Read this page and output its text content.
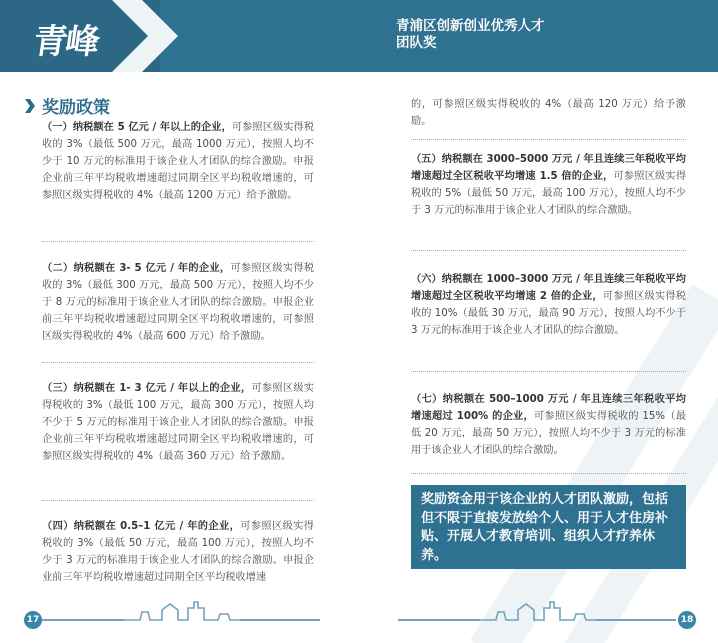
青峰	青浦区创新创业优秀人才
团队奖
奖励政策
（一）纳税额在 5 亿元 / 年以上的企业，可参照区级实得税收的 3%（最低 500 万元，最高 1000 万元），按照人均不少于 10 万元的标准用于该企业人才团队的综合激励。申报企业前三年平均税收增速超过同期全区平均税收增速的，可参照区级实得税收的 4%（最高 1200 万元）给予激励。
（二）纳税额在 3- 5 亿元 / 年的企业，可参照区级实得税收的 3%（最低 300 万元，最高 500 万元），按照人均不少于 8 万元的标准用于该企业人才团队的综合激励。申报企业前三年平均税收增速超过同期全区平均税收增速的，可参照区级实得税收的 4%（最高 600 万元）给予激励。
（三）纳税额在 1- 3 亿元 / 年以上的企业，可参照区级实得税收的 3%（最低 100 万元，最高 300 万元），按照人均不少于 5 万元的标准用于该企业人才团队的综合激励。申报企业前三年平均税收增速超过同期全区平均税收增速的，可参照区级实得税收的 4%（最高 360 万元）给予激励。
（四）纳税额在 0.5–1 亿元 / 年的企业，可参照区级实得税收的 3%（最低 50 万元，最高 100 万元），按照人均不少于 3 万元的标准用于该企业人才团队的综合激励。申报企业前三年平均税收增速超过同期全区平均税收增速
的，可参照区级实得税收的 4%（最高 120 万元）给予激励。
（五）纳税额在 3000–5000 万元 / 年且连续三年税收平均增速超过全区税收平均增速 1.5 倍的企业，可参照区级实得税收的 5%（最低 50 万元，最高 100 万元），按照人均不少于 3 万元的标准用于该企业人才团队的综合激励。
（六）纳税额在 1000–3000 万元 / 年且连续三年税收平均增速超过全区税收平均增速 2 倍的企业，可参照区级实得税收的 10%（最低 30 万元，最高 90 万元），按照人均不少于 3 万元的标准用于该企业人才团队的综合激励。
（七）纳税额在 500–1000 万元 / 年且连续三年税收平均增速超过 100% 的企业，可参照区级实得税收的 15%（最低 20 万元，最高 50 万元），按照人均不少于 3 万元的标准用于该企业人才团队的综合激励。
奖励资金用于该企业的人才团队激励，包括但不限于直接发放给个人、用于人才住房补贴、开展人才教育培训、组织人才疗养休养。
17	18
